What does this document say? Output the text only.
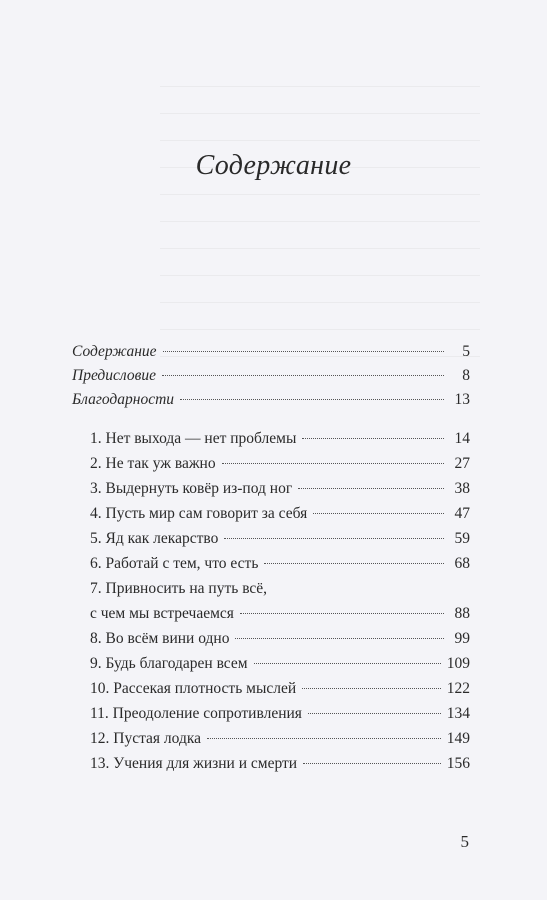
Содержание
Содержание	5
Предисловие	8
Благодарности	13
1. Нет выхода — нет проблемы	14
2. Не так уж важно	27
3. Выдернуть ковёр из-под ног	38
4. Пусть мир сам говорит за себя	47
5. Яд как лекарство	59
6. Работай с тем, что есть	68
7. Привносить на путь всё,
с чем мы встречаемся	88
8. Во всём вини одно	99
9. Будь благодарен всем	109
10. Рассекая плотность мыслей	122
11. Преодоление сопротивления	134
12. Пустая лодка	149
13. Учения для жизни и смерти	156
5
